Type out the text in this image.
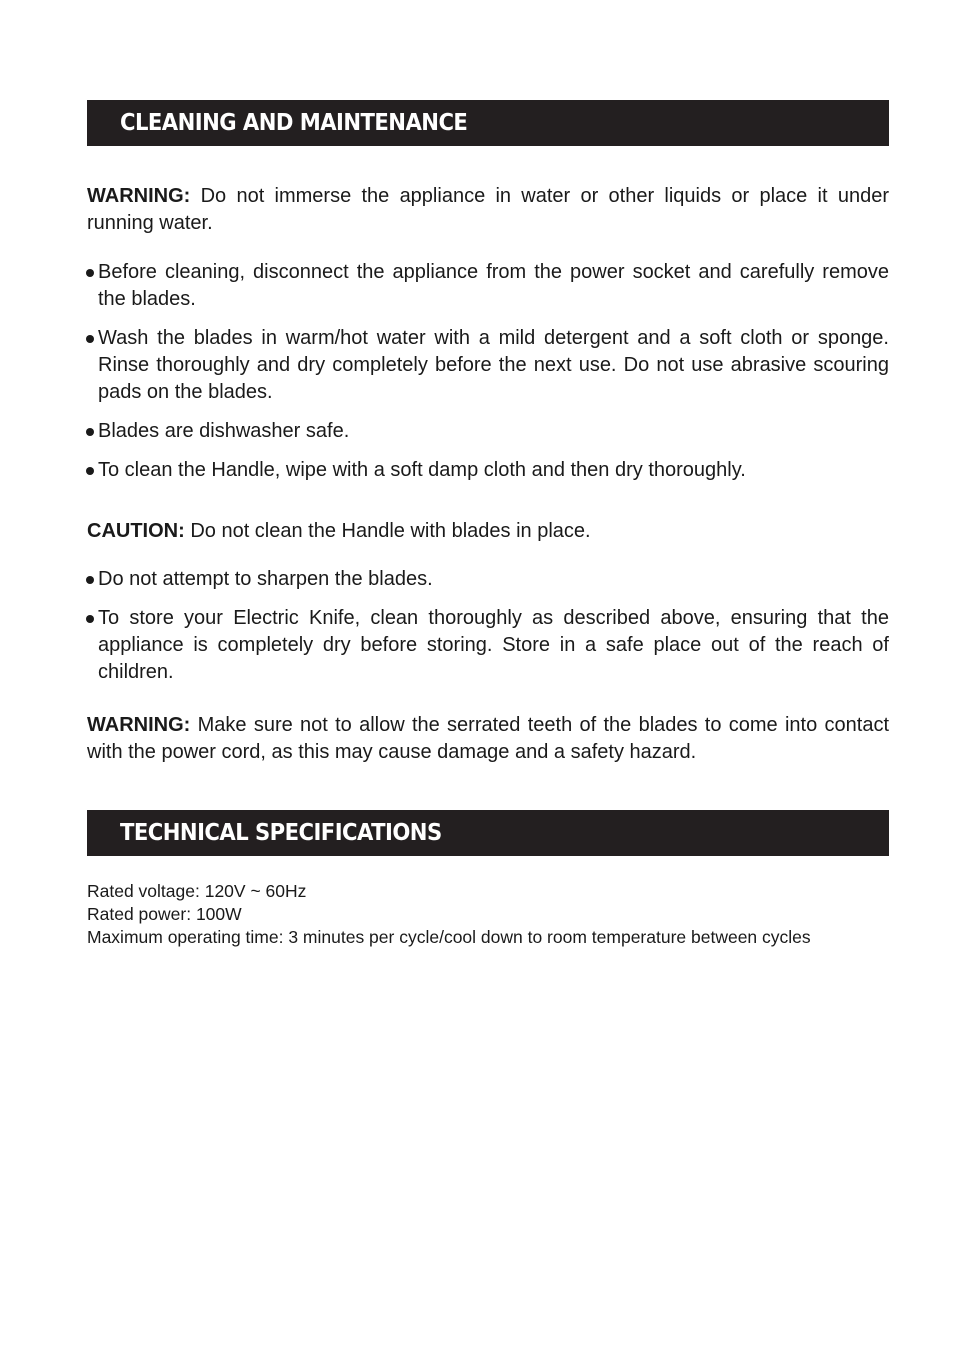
CLEANING AND MAINTENANCE

WARNING: Do not immerse the appliance in water or other liquids or place it under running water.

Before cleaning, disconnect the appliance from the power socket and carefully remove the blades.

Wash the blades in warm/hot water with a mild detergent and a soft cloth or sponge. Rinse thoroughly and dry completely before the next use. Do not use abrasive scouring pads on the blades.

Blades are dishwasher safe.

To clean the Handle, wipe with a soft damp cloth and then dry thoroughly.

CAUTION: Do not clean the Handle with blades in place.

Do not attempt to sharpen the blades.

To store your Electric Knife, clean thoroughly as described above, ensuring that the appliance is completely dry before storing. Store in a safe place out of the reach of children.

WARNING: Make sure not to allow the serrated teeth of the blades to come into contact with the power cord, as this may cause damage and a safety hazard.

TECHNICAL SPECIFICATIONS

Rated voltage: 120V ~ 60Hz

Rated power: 100W

Maximum operating time: 3 minutes per cycle/cool down to room temperature between cycles
